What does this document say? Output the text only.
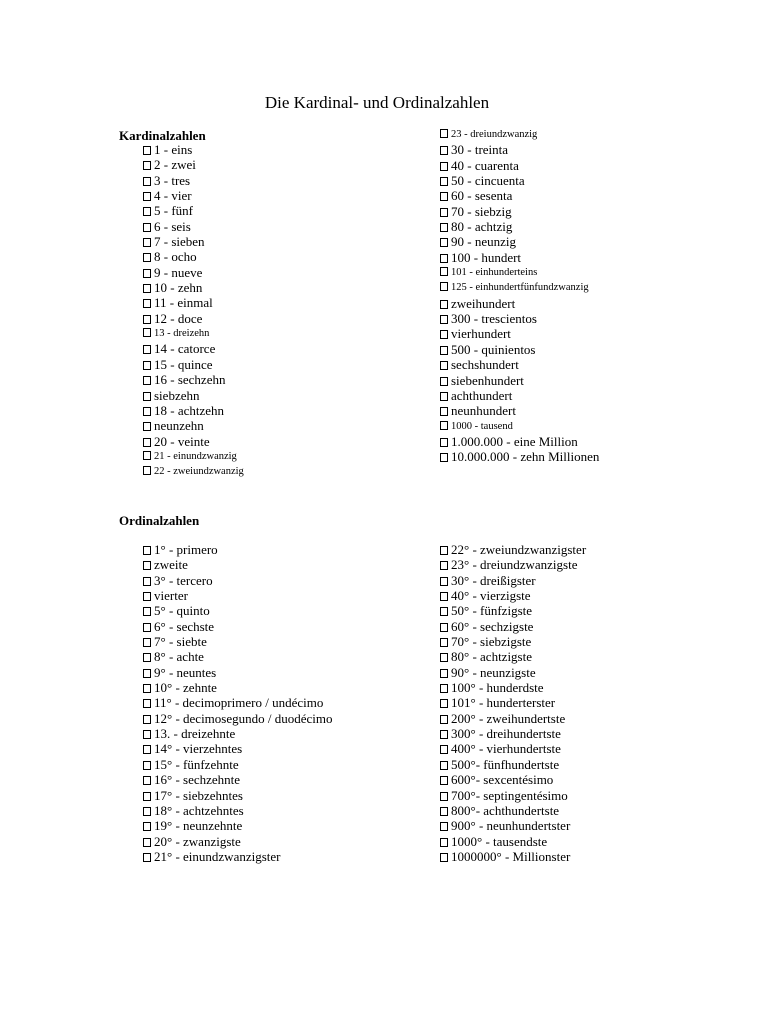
Die Kardinal- und Ordinalzahlen
Kardinalzahlen
1 - eins
2 - zwei
3 - tres
4 - vier
5 - fünf
6 - seis
7 - sieben
8 - ocho
9 - nueve
10 - zehn
11 - einmal
12 - doce
13 - dreizehn
14 - catorce
15 - quince
16 - sechzehn
siebzehn
18 - achtzehn
neunzehn
20 - veinte
21 - einundzwanzig
22 - zweiundzwanzig
23 - dreiundzwanzig
30 - treinta
40 - cuarenta
50 - cincuenta
60 - sesenta
70 - siebzig
80 - achtzig
90 - neunzig
100 - hundert
101 - einhunderteins
125 - einhundertfünfundzwanzig
zweihundert
300 - trescientos
vierhundert
500 - quinientos
sechshundert
siebenhundert
achthundert
neunhundert
1000 - tausend
1.000.000 - eine Million
10.000.000 - zehn Millionen
Ordinalzahlen
1° - primero
zweite
3° - tercero
vierter
5° - quinto
6° - sechste
7° - siebte
8° - achte
9° - neuntes
10° - zehnte
11° - decimoprimero / undécimo
12° - decimosegundo / duodécimo
13. - dreizehnte
14° - vierzehntes
15° - fünfzehnte
16° - sechzehnte
17° - siebzehntes
18° - achtzehntes
19° - neunzehnte
20° - zwanzigste
21° - einundzwanzigster
22° - zweiundzwanzigster
23° - dreiundzwanzigste
30° - dreißigster
40° - vierzigste
50° - fünfzigste
60° - sechzigste
70° - siebzigste
80° - achtzigste
90° - neunzigste
100° - hunderdste
101° - hunderterster
200° - zweihundertste
300° - dreihundertste
400° - vierhundertste
500°- fünfhundertste
600°- sexcentésimo
700°- septingentésimo
800°- achthundertste
900° - neunhundertster
1000° - tausendste
1000000° - Millionster
